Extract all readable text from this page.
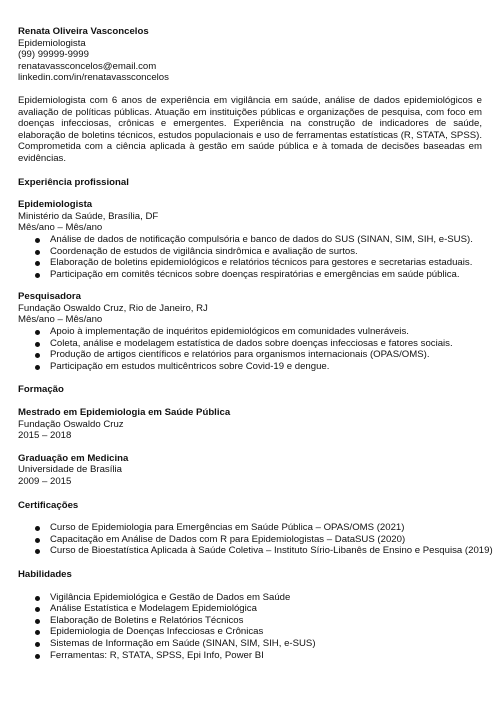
Renata Oliveira Vasconcelos
Epidemiologista
(99) 99999-9999
renatavassconcelos@email.com
linkedin.com/in/renatavassconcelos
Epidemiologista com 6 anos de experiência em vigilância em saúde, análise de dados epidemiológicos e avaliação de políticas públicas. Atuação em instituições públicas e organizações de pesquisa, com foco em doenças infecciosas, crônicas e emergentes. Experiência na construção de indicadores de saúde, elaboração de boletins técnicos, estudos populacionais e uso de ferramentas estatísticas (R, STATA, SPSS). Comprometida com a ciência aplicada à gestão em saúde pública e à tomada de decisões baseadas em evidências.
Experiência profissional
Epidemiologista
Ministério da Saúde, Brasília, DF
Mês/ano – Mês/ano
Análise de dados de notificação compulsória e banco de dados do SUS (SINAN, SIM, SIH, e-SUS).
Coordenação de estudos de vigilância sindrômica e avaliação de surtos.
Elaboração de boletins epidemiológicos e relatórios técnicos para gestores e secretarias estaduais.
Participação em comitês técnicos sobre doenças respiratórias e emergências em saúde pública.
Pesquisadora
Fundação Oswaldo Cruz, Rio de Janeiro, RJ
Mês/ano – Mês/ano
Apoio à implementação de inquéritos epidemiológicos em comunidades vulneráveis.
Coleta, análise e modelagem estatística de dados sobre doenças infecciosas e fatores sociais.
Produção de artigos científicos e relatórios para organismos internacionais (OPAS/OMS).
Participação em estudos multicêntricos sobre Covid-19 e dengue.
Formação
Mestrado em Epidemiologia em Saúde Pública
Fundação Oswaldo Cruz
2015 – 2018
Graduação em Medicina
Universidade de Brasília
2009 – 2015
Certificações
Curso de Epidemiologia para Emergências em Saúde Pública – OPAS/OMS (2021)
Capacitação em Análise de Dados com R para Epidemiologistas – DataSUS (2020)
Curso de Bioestatística Aplicada à Saúde Coletiva – Instituto Sírio-Libanês de Ensino e Pesquisa (2019)
Habilidades
Vigilância Epidemiológica e Gestão de Dados em Saúde
Análise Estatística e Modelagem Epidemiológica
Elaboração de Boletins e Relatórios Técnicos
Epidemiologia de Doenças Infecciosas e Crônicas
Sistemas de Informação em Saúde (SINAN, SIM, SIH, e-SUS)
Ferramentas: R, STATA, SPSS, Epi Info, Power BI
